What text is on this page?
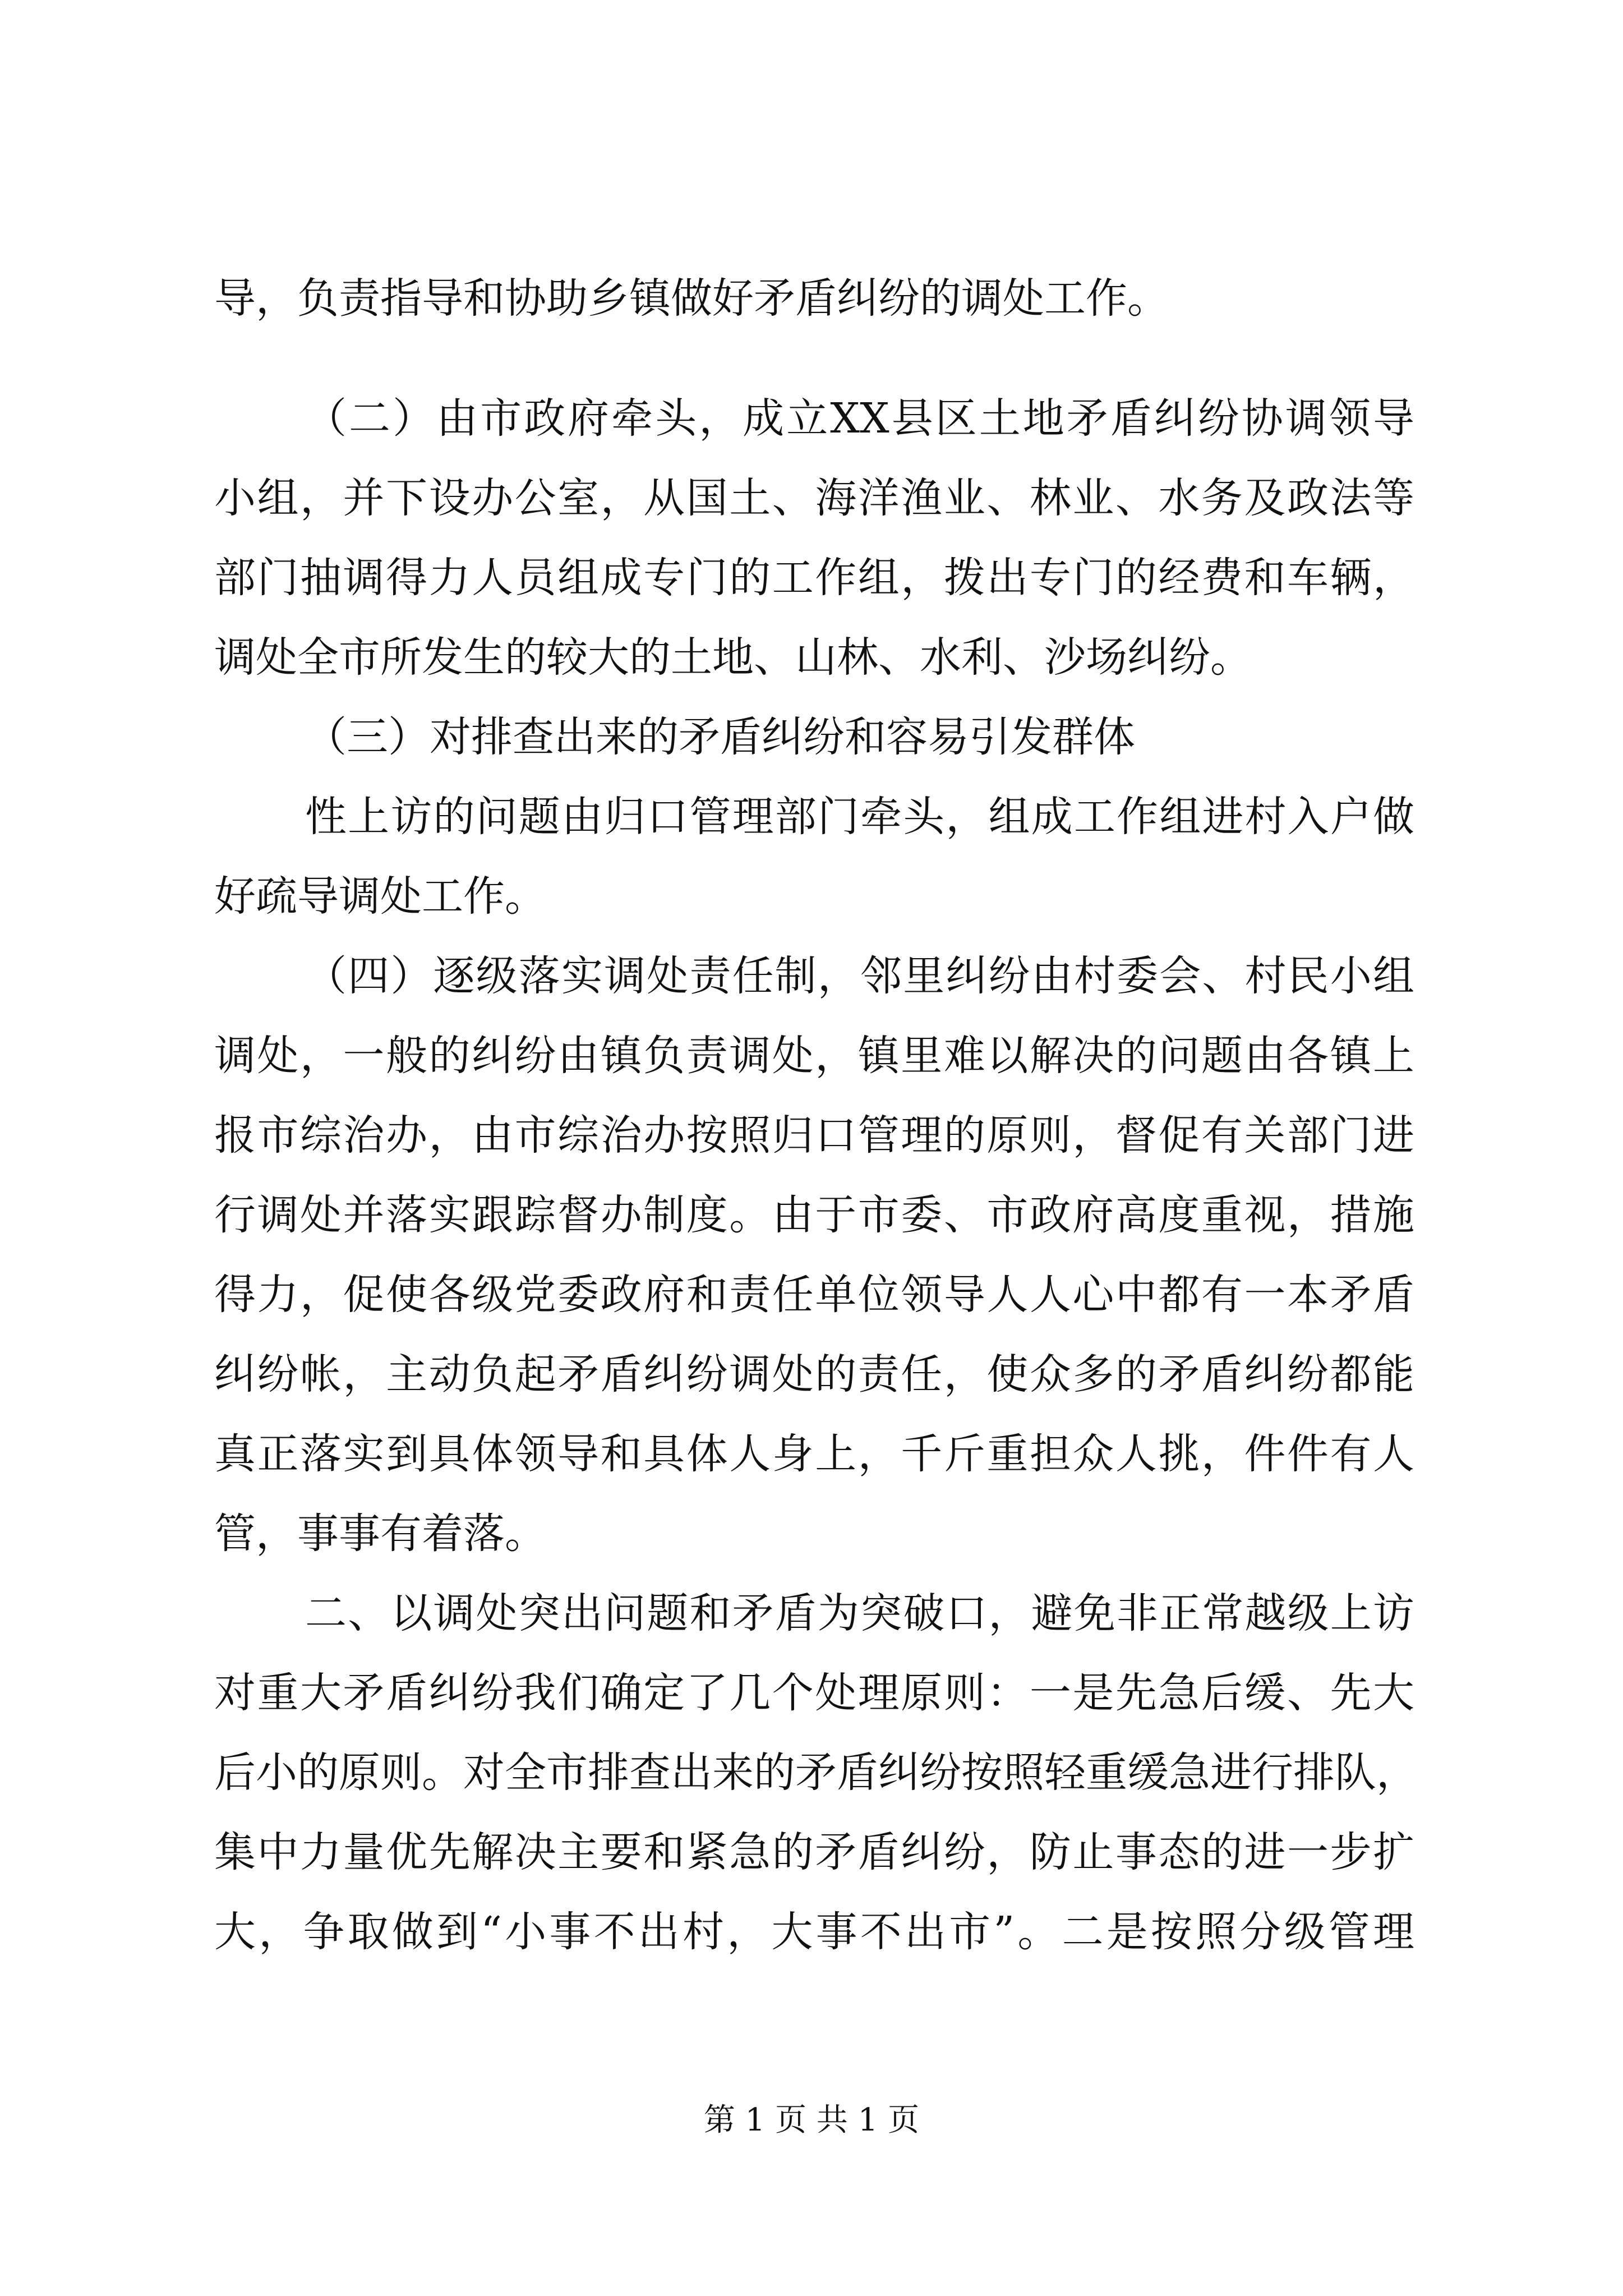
导，负责指导和协助乡镇做好矛盾纠纷的调处工作。
（二）由市政府牵头，成立XX县区土地矛盾纠纷协调领导
小组，并下设办公室，从国土、海洋渔业、林业、水务及政法等
部门抽调得力人员组成专门的工作组，拨出专门的经费和车辆，
调处全市所发生的较大的土地、山林、水利、沙场纠纷。
（三）对排查出来的矛盾纠纷和容易引发群体
性上访的问题由归口管理部门牵头，组成工作组进村入户做
好疏导调处工作。
（四）逐级落实调处责任制，邻里纠纷由村委会、村民小组
调处，一般的纠纷由镇负责调处，镇里难以解决的问题由各镇上
报市综治办，由市综治办按照归口管理的原则，督促有关部门进
行调处并落实跟踪督办制度。由于市委、市政府高度重视，措施
得力，促使各级党委政府和责任单位领导人人心中都有一本矛盾
纠纷帐，主动负起矛盾纠纷调处的责任，使众多的矛盾纠纷都能
真正落实到具体领导和具体人身上，千斤重担众人挑，件件有人
管，事事有着落。
二、以调处突出问题和矛盾为突破口，避免非正常越级上访
对重大矛盾纠纷我们确定了几个处理原则：一是先急后缓、先大
后小的原则。对全市排查出来的矛盾纠纷按照轻重缓急进行排队，
集中力量优先解决主要和紧急的矛盾纠纷，防止事态的进一步扩
大，争取做到“小事不出村，大事不出市”。二是按照分级管理
第 1 页 共 1 页
